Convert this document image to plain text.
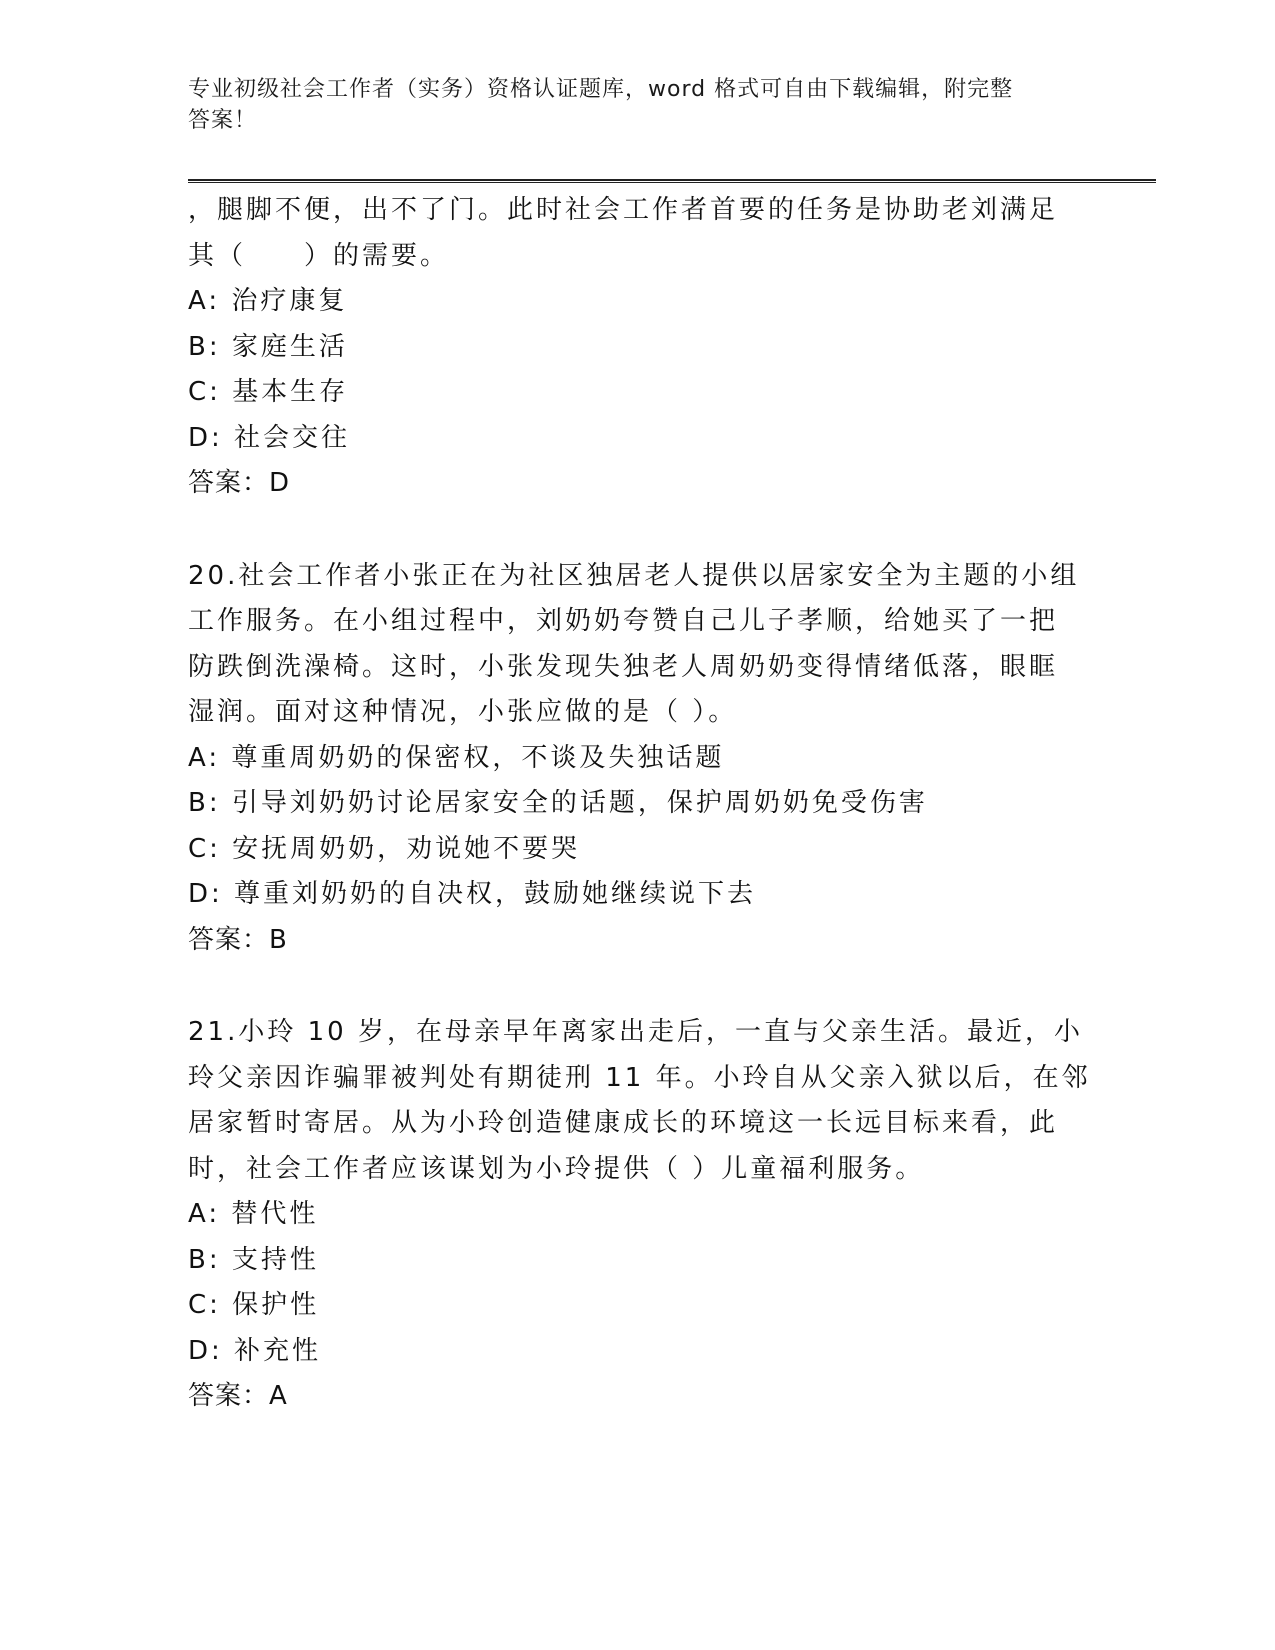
专业初级社会工作者（实务）资格认证题库，word 格式可自由下载编辑，附完整
答案！

，腿脚不便，出不了门。此时社会工作者首要的任务是协助老刘满足

其（　　）的需要。

A: 治疗康复

B: 家庭生活

C: 基本生存

D: 社会交往

答案：D

20.社会工作者小张正在为社区独居老人提供以居家安全为主题的小组

工作服务。在小组过程中，刘奶奶夸赞自己儿子孝顺，给她买了一把

防跌倒洗澡椅。这时，小张发现失独老人周奶奶变得情绪低落，眼眶

湿润。面对这种情况，小张应做的是（ ）。

A: 尊重周奶奶的保密权，不谈及失独话题

B: 引导刘奶奶讨论居家安全的话题，保护周奶奶免受伤害

C: 安抚周奶奶，劝说她不要哭

D: 尊重刘奶奶的自决权，鼓励她继续说下去

答案：B

21.小玲 10 岁，在母亲早年离家出走后，一直与父亲生活。最近，小

玲父亲因诈骗罪被判处有期徒刑 11 年。小玲自从父亲入狱以后，在邻

居家暂时寄居。从为小玲创造健康成长的环境这一长远目标来看，此

时，社会工作者应该谋划为小玲提供（ ）儿童福利服务。

A: 替代性

B: 支持性

C: 保护性

D: 补充性

答案：A
